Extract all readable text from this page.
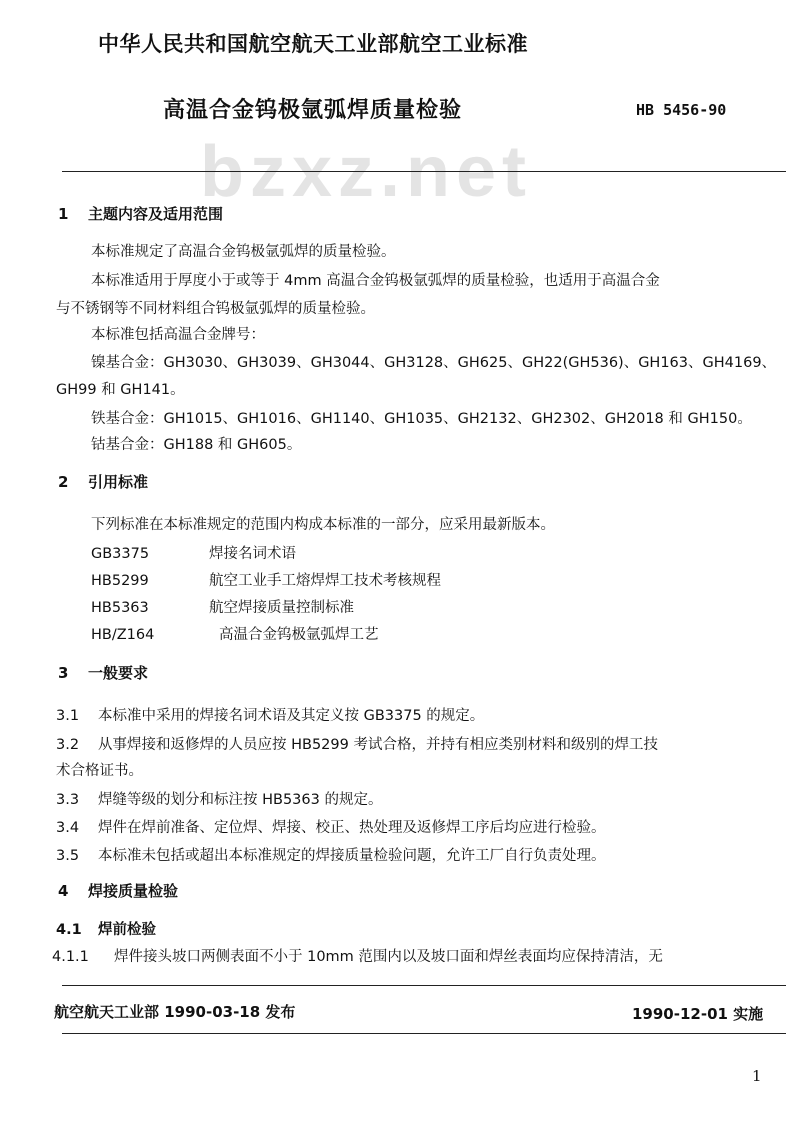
中华人民共和国航空航天工业部航空工业标准
高温合金钨极氩弧焊质量检验	HB 5456-90
bzxz.net
1 主题内容及适用范围
本标准规定了高温合金钨极氩弧焊的质量检验。
本标准适用于厚度小于或等于 4mm 高温合金钨极氩弧焊的质量检验，也适用于高温合金
与不锈钢等不同材料组合钨极氩弧焊的质量检验。
本标准包括高温合金牌号：
镍基合金：GH3030、GH3039、GH3044、GH3128、GH625、GH22(GH536)、GH163、GH4169、
GH99 和 GH141。
铁基合金：GH1015、GH1016、GH1140、GH1035、GH2132、GH2302、GH2018 和 GH150。
钴基合金：GH188 和 GH605。
2 引用标准
下列标准在本标准规定的范围内构成本标准的一部分，应采用最新版本。
GB3375	焊接名词术语
HB5299	航空工业手工熔焊焊工技术考核规程
HB5363	航空焊接质量控制标准
HB/Z164	高温合金钨极氩弧焊工艺
3 一般要求
3.1 本标准中采用的焊接名词术语及其定义按 GB3375 的规定。
3.2 从事焊接和返修焊的人员应按 HB5299 考试合格，并持有相应类别材料和级别的焊工技
术合格证书。
3.3 焊缝等级的划分和标注按 HB5363 的规定。
3.4 焊件在焊前准备、定位焊、焊接、校正、热处理及返修焊工序后均应进行检验。
3.5 本标准未包括或超出本标准规定的焊接质量检验问题，允许工厂自行负责处理。
4 焊接质量检验
4.1 焊前检验
4.1.1 焊件接头坡口两侧表面不小于 10mm 范围内以及坡口面和焊丝表面均应保持清洁，无
航空航天工业部 1990-03-18 发布	1990-12-01 实施
1
